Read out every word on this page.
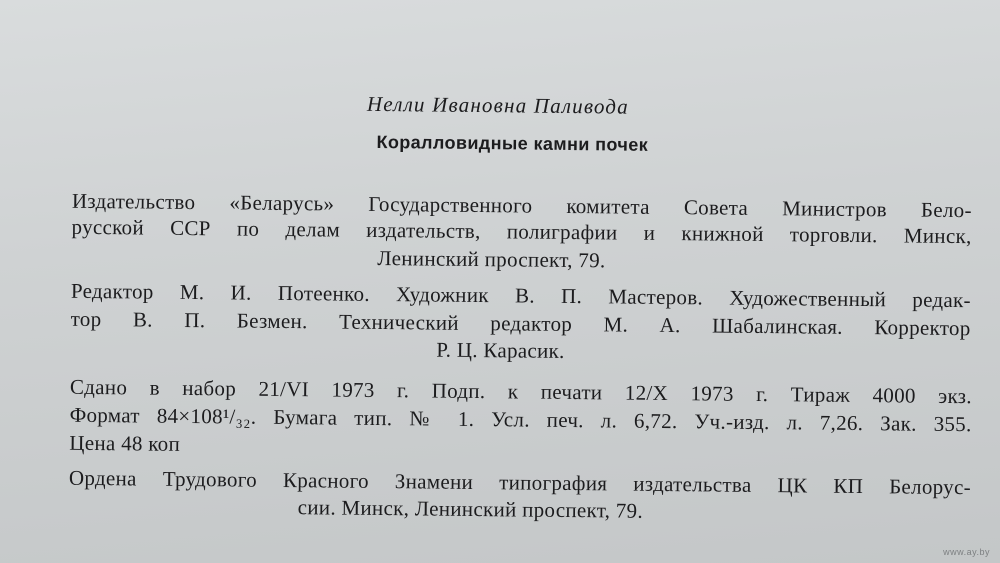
Нелли Ивановна Паливода
Коралловидные камни почек
Издательство «Беларусь» Государственного комитета Совета Министров Бело-
русской ССР по делам издательств, полиграфии и книжной торговли. Минск,
Ленинский проспект, 79.
Редактор М. И. Потеенко. Художник В. П. Мастеров. Художественный редак-
тор В. П. Безмен. Технический редактор М. А. Шабалинская. Корректор
Р. Ц. Карасик.
Сдано в набор 21/VI 1973 г. Подп. к печати 12/X 1973 г. Тираж 4000 экз.
Формат 84×108¹/₃₂. Бумага тип. № 1. Усл. печ. л. 6,72. Уч.-изд. л. 7,26. Зак. 355.
Цена 48 коп
Ордена Трудового Красного Знамени типография издательства ЦК КП Белорус-
сии. Минск, Ленинский проспект, 79.
www.ay.by
